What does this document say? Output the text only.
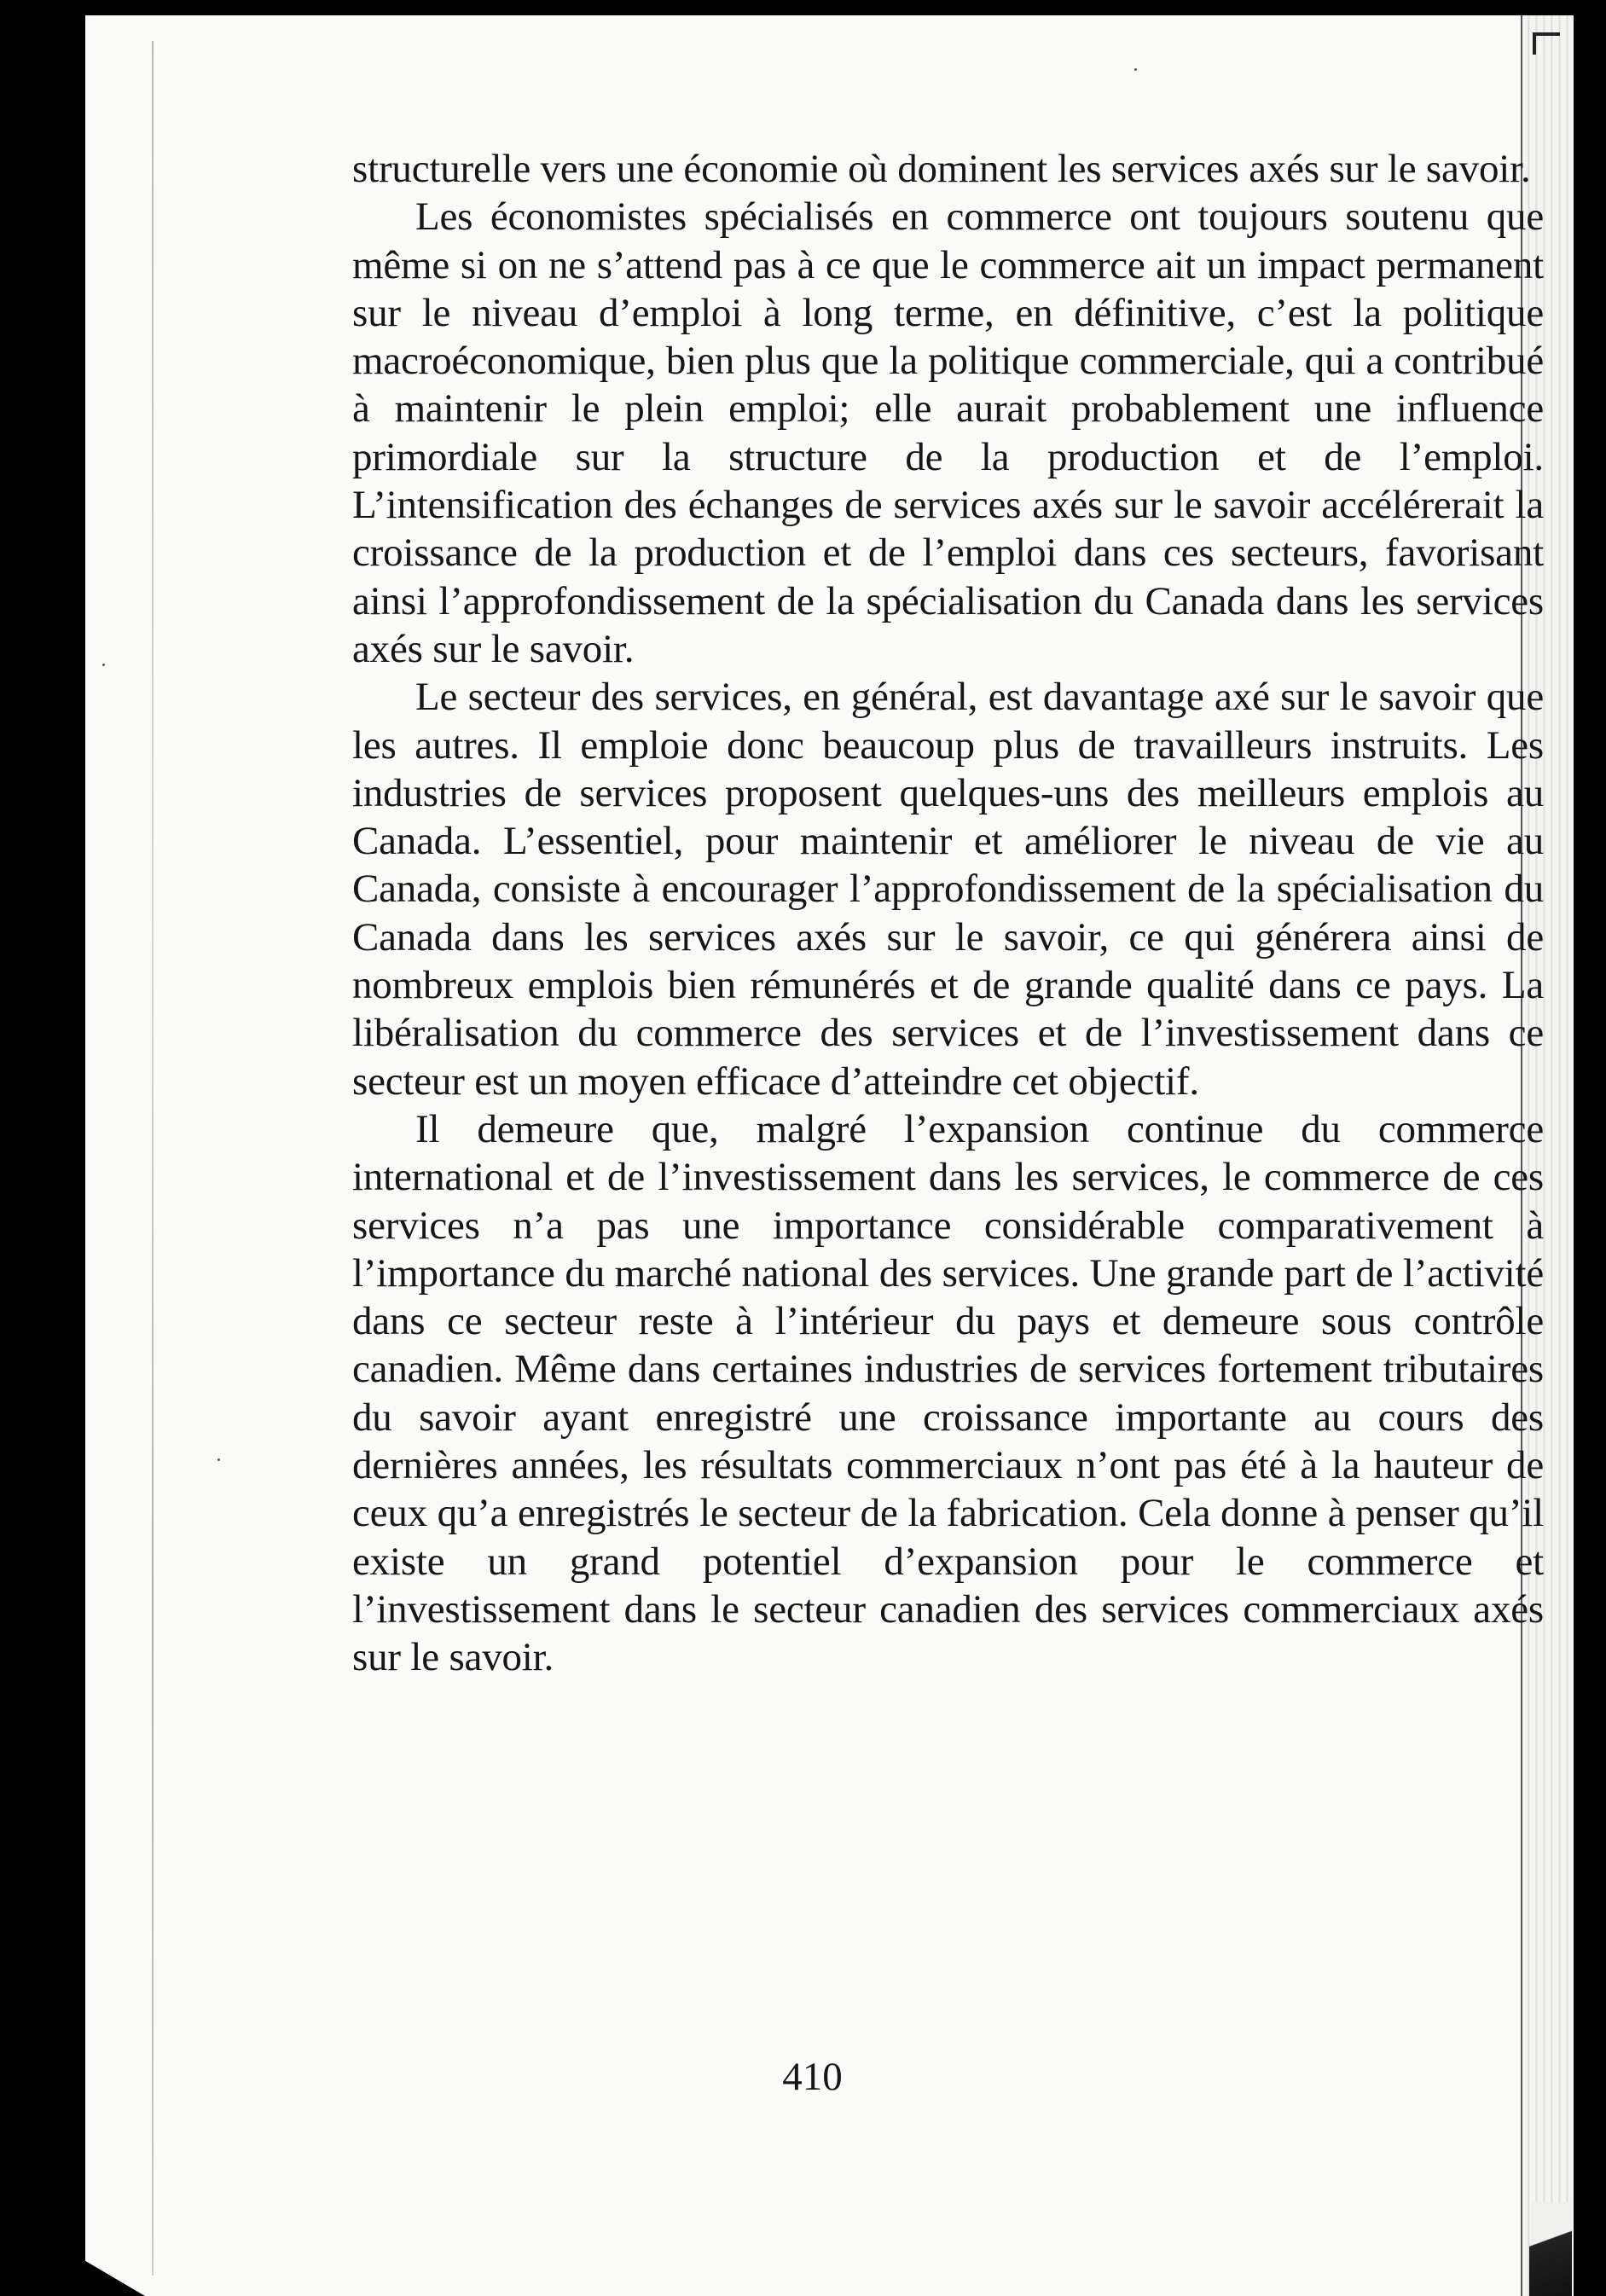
structurelle vers une économie où dominent les services axés sur le savoir.

Les économistes spécialisés en commerce ont toujours soutenu que même si on ne s’attend pas à ce que le commerce ait un impact permanent sur le niveau d’emploi à long terme, en définitive, c’est la politique macroéconomique, bien plus que la politique commerciale, qui a contribué à maintenir le plein emploi; elle aurait probablement une influence primordiale sur la structure de la production et de l’emploi. L’intensification des échanges de services axés sur le savoir accélérerait la croissance de la production et de l’emploi dans ces secteurs, favorisant ainsi l’approfondissement de la spécialisation du Canada dans les services axés sur le savoir.

Le secteur des services, en général, est davantage axé sur le savoir que les autres. Il emploie donc beaucoup plus de travailleurs instruits. Les industries de services proposent quelques-uns des meilleurs emplois au Canada. L’essentiel, pour maintenir et améliorer le niveau de vie au Canada, consiste à encourager l’approfondissement de la spécialisation du Canada dans les services axés sur le savoir, ce qui générera ainsi de nombreux emplois bien rémunérés et de grande qualité dans ce pays. La libéralisation du commerce des services et de l’investissement dans ce secteur est un moyen efficace d’atteindre cet objectif.

Il demeure que, malgré l’expansion continue du commerce international et de l’investissement dans les services, le commerce de ces services n’a pas une importance considérable comparativement à l’importance du marché national des services. Une grande part de l’activité dans ce secteur reste à l’intérieur du pays et demeure sous contrôle canadien. Même dans certaines industries de services fortement tributaires du savoir ayant enregistré une croissance importante au cours des dernières années, les résultats commerciaux n’ont pas été à la hauteur de ceux qu’a enregistrés le secteur de la fabrication. Cela donne à penser qu’il existe un grand potentiel d’expansion pour le commerce et l’investissement dans le secteur canadien des services commerciaux axés sur le savoir.

410
